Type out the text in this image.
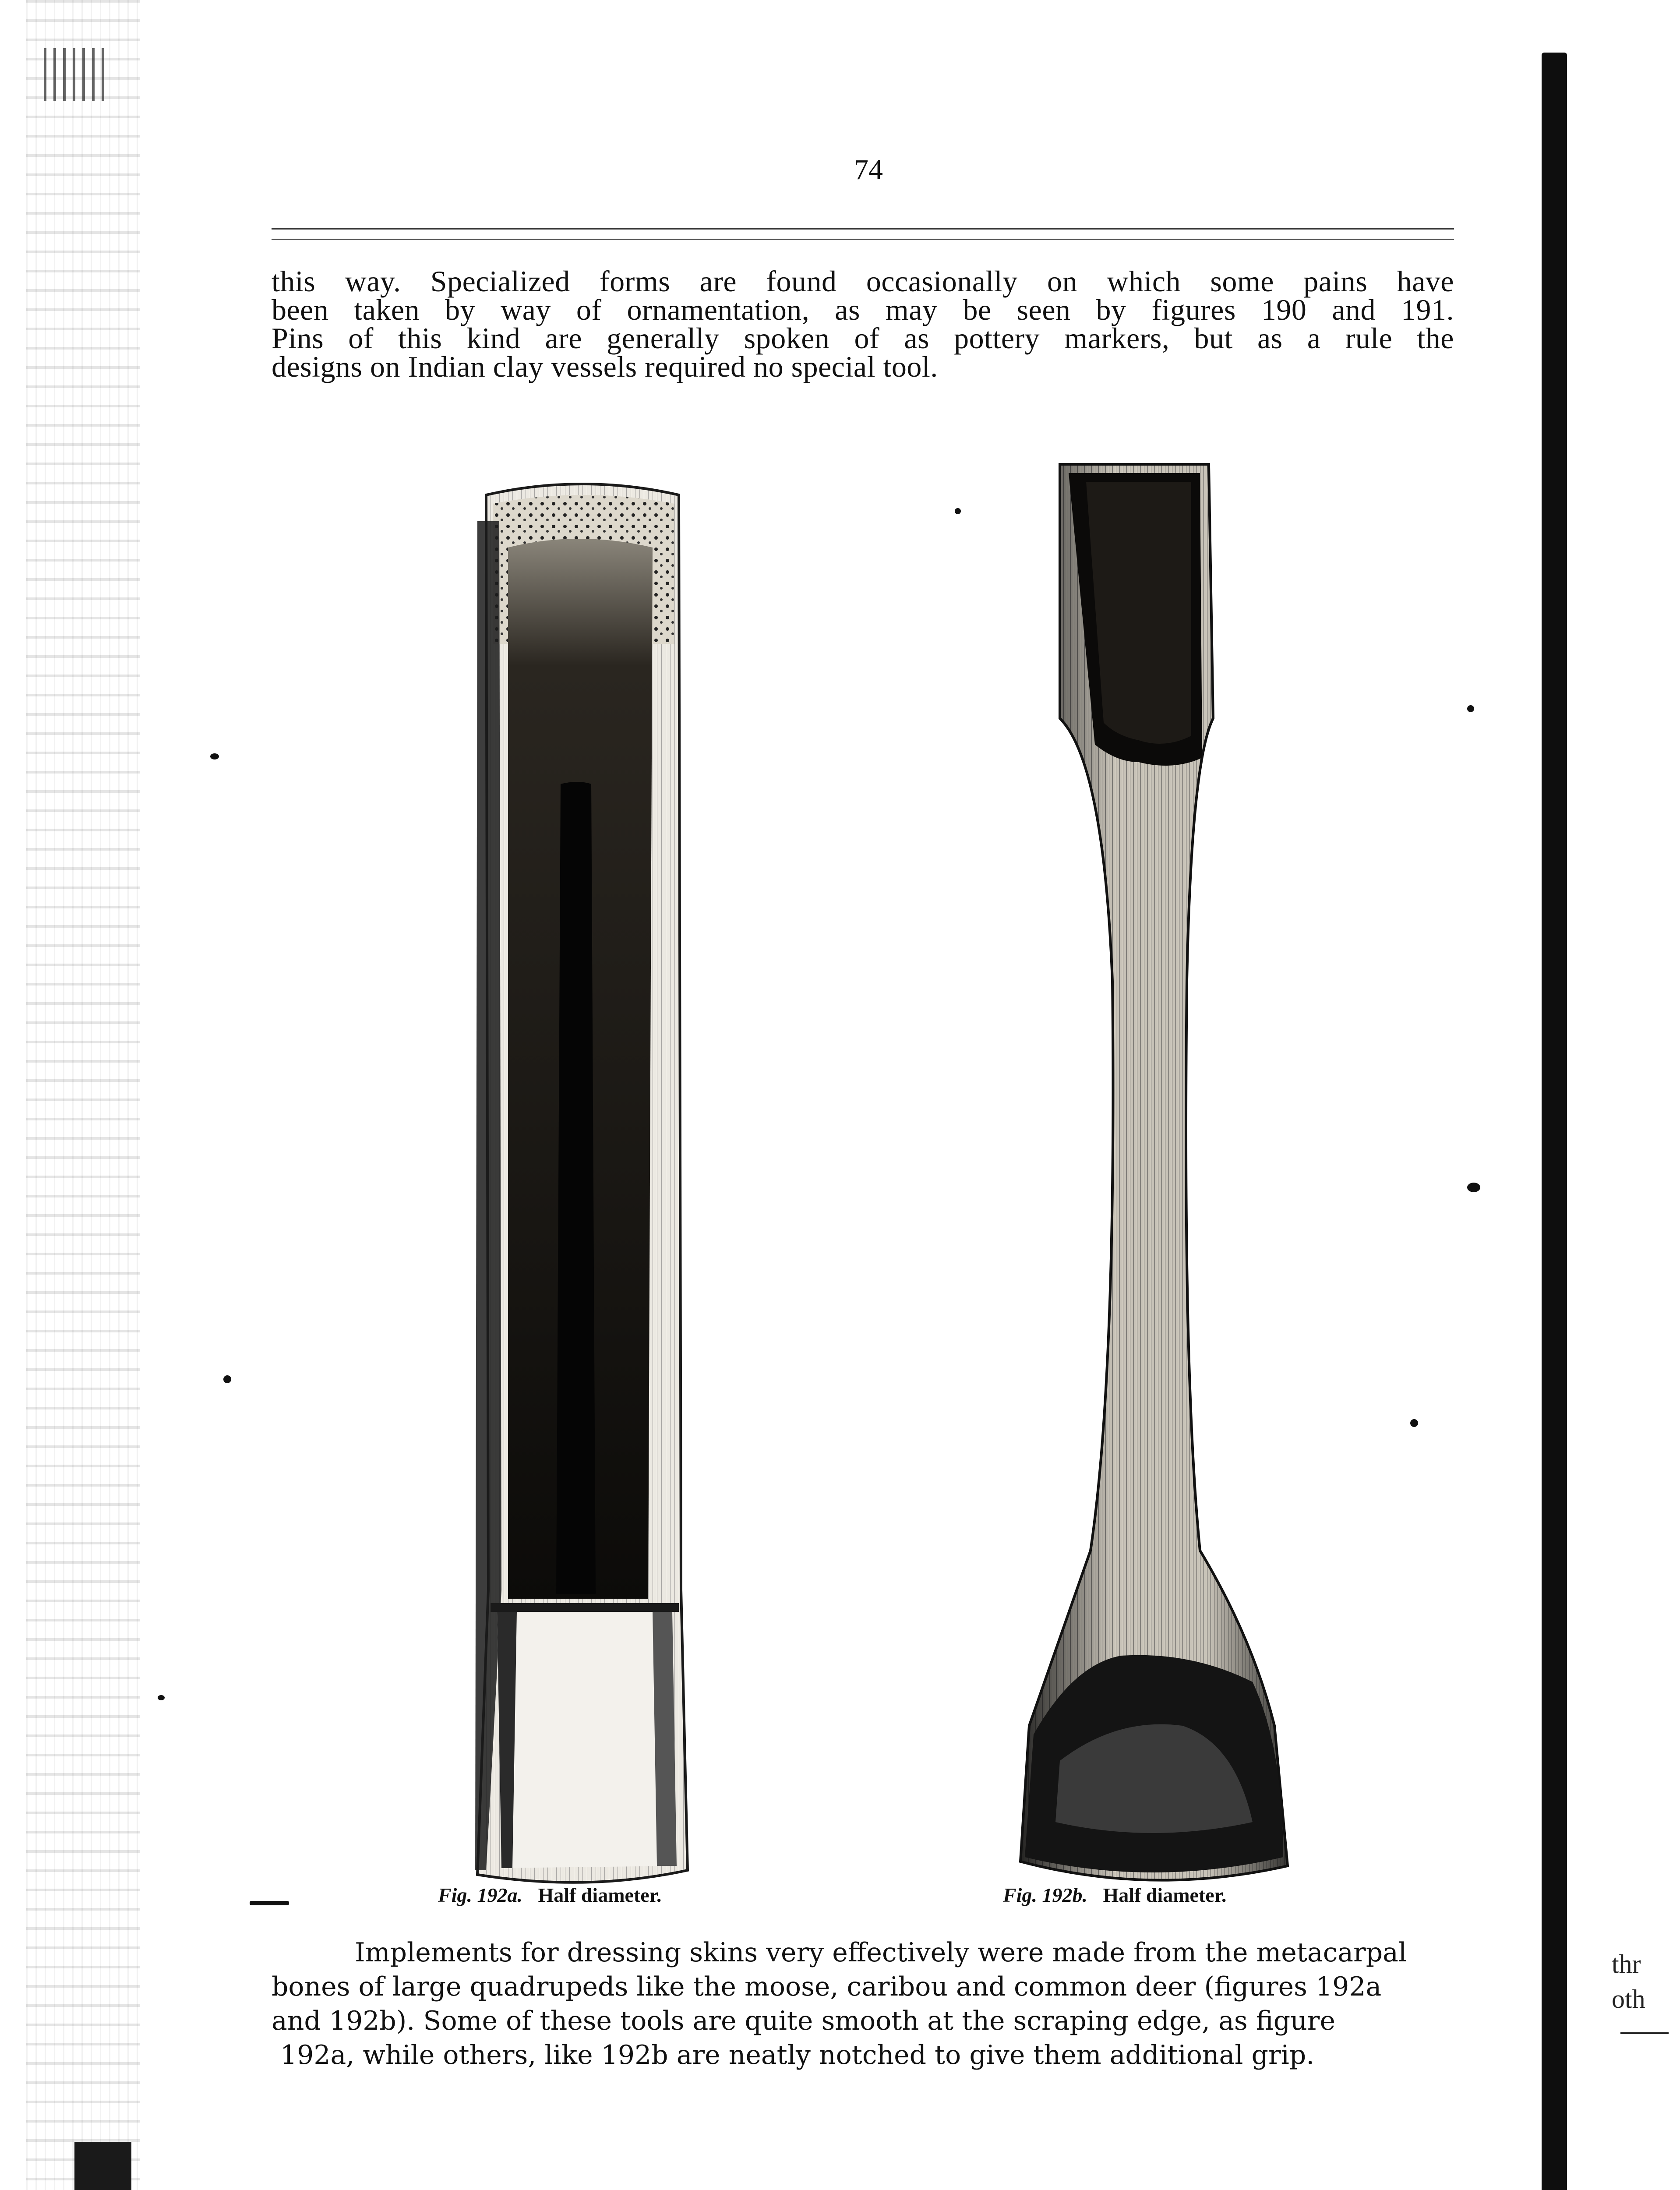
74
this way. Specialized forms are found occasionally on which some pains have
been taken by way of ornamentation, as may be seen by figures 190 and 191.
Pins of this kind are generally spoken of as pottery markers, but as a rule the
designs on Indian clay vessels required no special tool.
Fig. 192a. Half diameter.	Fig. 192b. Half diameter.
Implements for dressing skins very effectively were made from the metacarpal
bones of large quadrupeds like the moose, caribou and common deer (figures 192a
and 192b). Some of these tools are quite smooth at the scraping edge, as figure
192a, while others, like 192b are neatly notched to give them additional grip.
thr
oth
